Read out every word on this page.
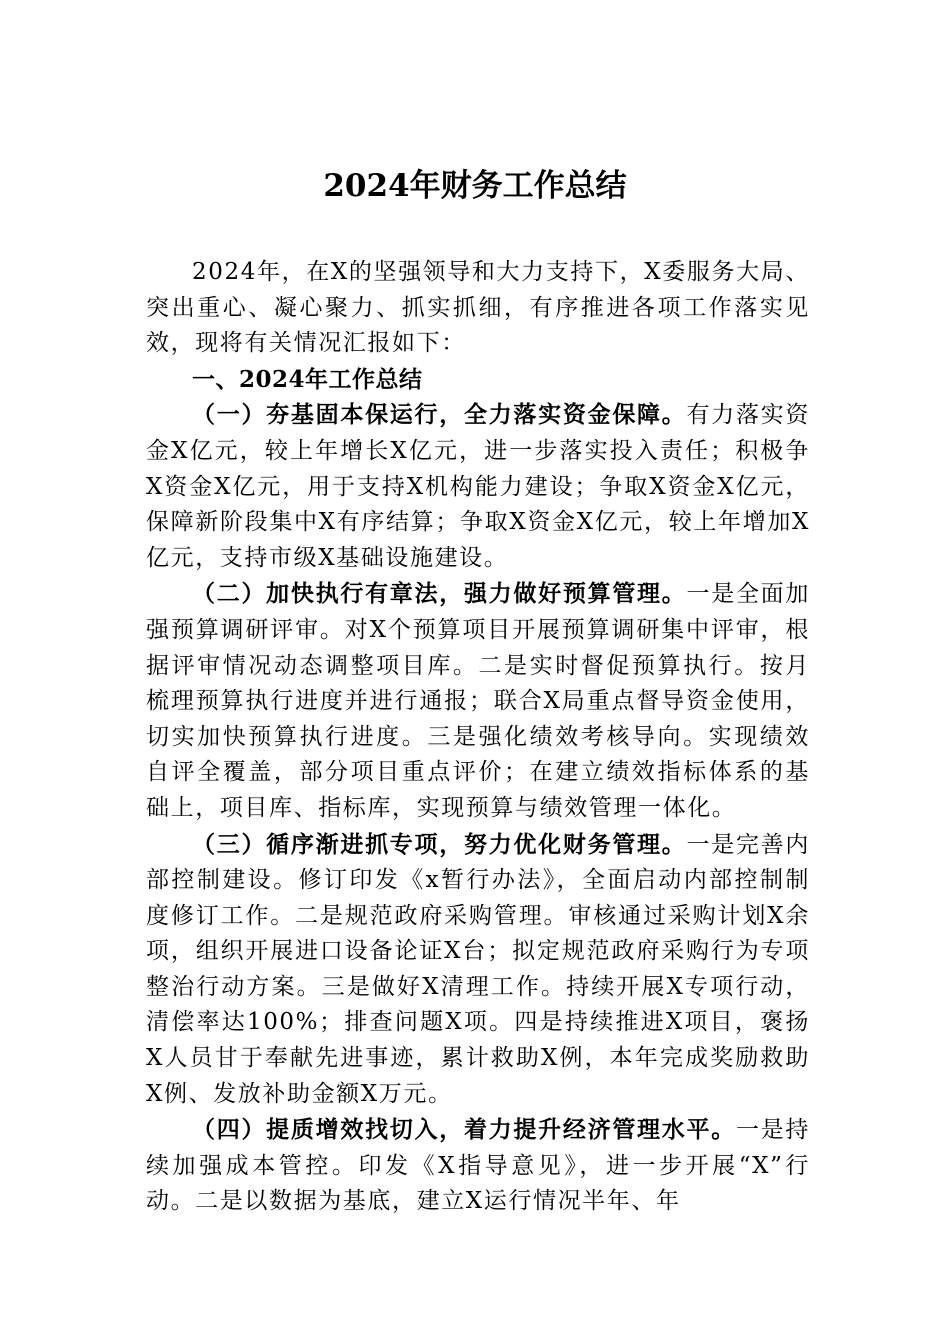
2024年财务工作总结

2024年，在X的坚强领导和大力支持下，X委服务大局、突出重心、凝心聚力、抓实抓细，有序推进各项工作落实见效，现将有关情况汇报如下：

一、2024年工作总结

（一）夯基固本保运行，全力落实资金保障。有力落实资金X亿元，较上年增长X亿元，进一步落实投入责任；积极争X资金X亿元，用于支持X机构能力建设；争取X资金X亿元，保障新阶段集中X有序结算；争取X资金X亿元，较上年增加X亿元，支持市级X基础设施建设。

（二）加快执行有章法，强力做好预算管理。一是全面加强预算调研评审。对X个预算项目开展预算调研集中评审，根据评审情况动态调整项目库。二是实时督促预算执行。按月梳理预算执行进度并进行通报；联合X局重点督导资金使用，切实加快预算执行进度。三是强化绩效考核导向。实现绩效自评全覆盖，部分项目重点评价；在建立绩效指标体系的基础上，项目库、指标库，实现预算与绩效管理一体化。

（三）循序渐进抓专项，努力优化财务管理。一是完善内部控制建设。修订印发《x暂行办法》，全面启动内部控制制度修订工作。二是规范政府采购管理。审核通过采购计划X余项，组织开展进口设备论证X台；拟定规范政府采购行为专项整治行动方案。三是做好X清理工作。持续开展X专项行动，清偿率达100%；排查问题X项。四是持续推进X项目，褒扬X人员甘于奉献先进事迹，累计救助X例，本年完成奖励救助X例、发放补助金额X万元。

（四）提质增效找切入，着力提升经济管理水平。一是持续加强成本管控。印发《X指导意见》，进一步开展“X”行动。二是以数据为基底，建立X运行情况半年、年
